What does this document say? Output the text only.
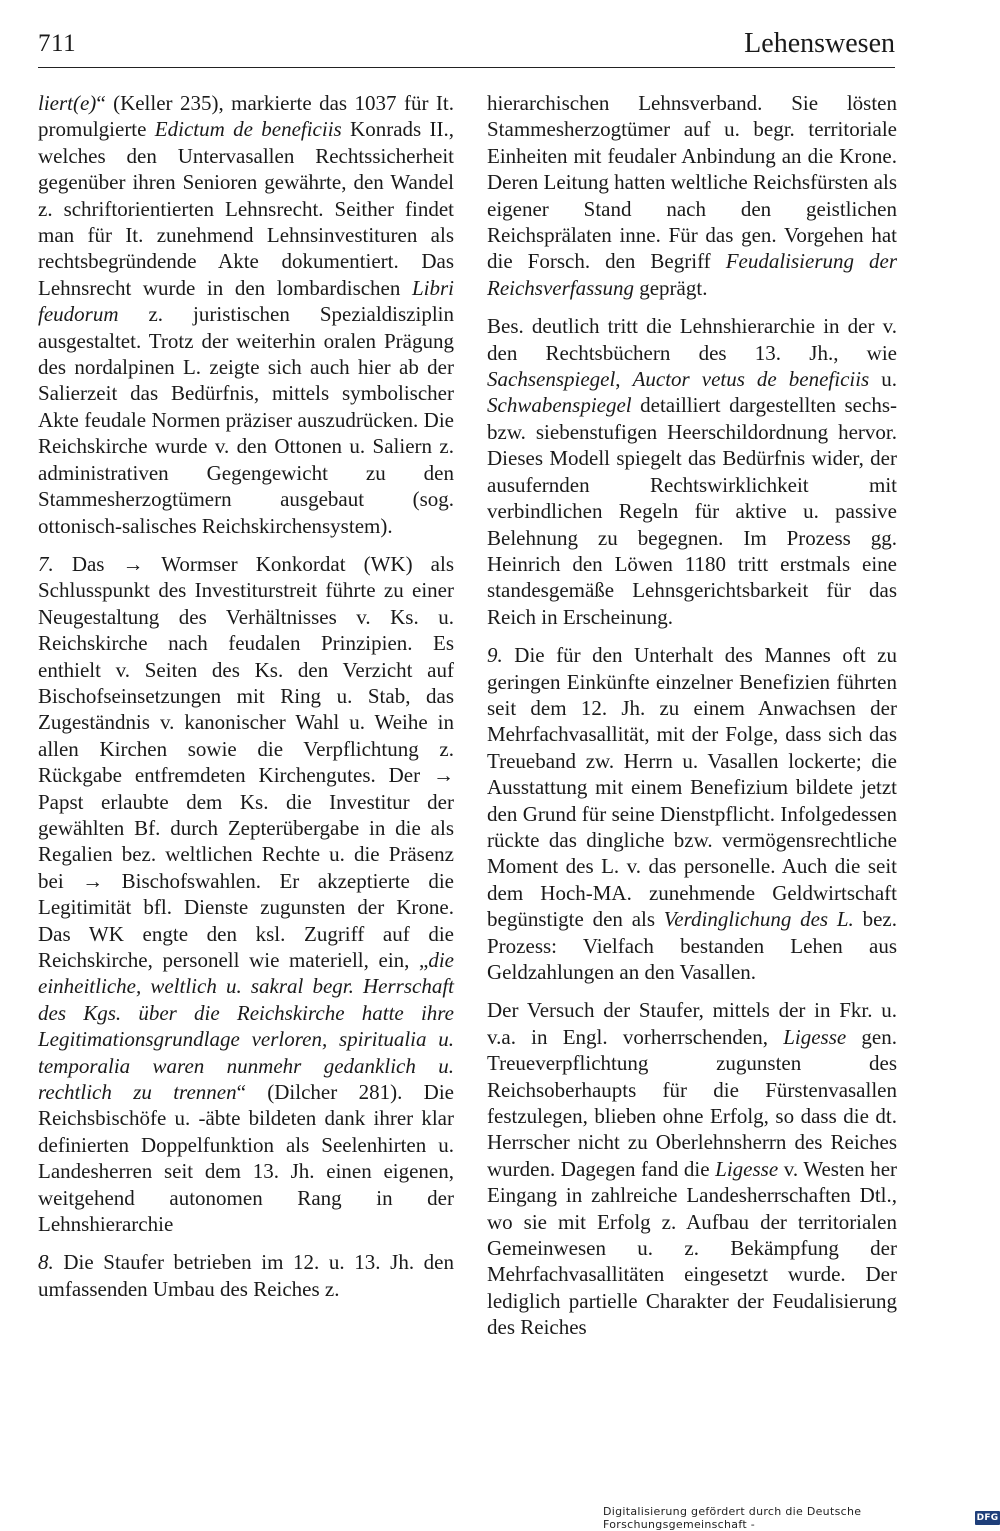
711	Lehenswesen

liert(e)“ (Keller 235), markierte das 1037 für It. promulgierte Edictum de beneficiis Konrads II., welches den Untervasallen Rechtssicherheit gegenüber ihren Senioren gewährte, den Wandel z. schriftorientierten Lehnsrecht. Seither findet man für It. zunehmend Lehnsinvestituren als rechtsbegründende Akte dokumentiert. Das Lehnsrecht wurde in den lombardischen Libri feudorum z. juristischen Spezialdisziplin ausgestaltet. Trotz der weiterhin oralen Prägung des nordalpinen L. zeigte sich auch hier ab der Salierzeit das Bedürfnis, mittels symbolischer Akte feudale Normen präziser auszudrücken. Die Reichskirche wurde v. den Ottonen u. Saliern z. administrativen Gegengewicht zu den Stammesherzogtümern ausgebaut (sog. ottonisch-salisches Reichskirchensystem).

7. Das → Wormser Konkordat (WK) als Schlusspunkt des Investiturstreit führte zu einer Neugestaltung des Verhältnisses v. Ks. u. Reichskirche nach feudalen Prinzipien. Es enthielt v. Seiten des Ks. den Verzicht auf Bischofseinsetzungen mit Ring u. Stab, das Zugeständnis v. kanonischer Wahl u. Weihe in allen Kirchen sowie die Verpflichtung z. Rückgabe entfremdeten Kirchengutes. Der → Papst erlaubte dem Ks. die Investitur der gewählten Bf. durch Zepterübergabe in die als Regalien bez. weltlichen Rechte u. die Präsenz bei → Bischofswahlen. Er akzeptierte die Legitimität bfl. Dienste zugunsten der Krone. Das WK engte den ksl. Zugriff auf die Reichskirche, personell wie materiell, ein, „die einheitliche, weltlich u. sakral begr. Herrschaft des Kgs. über die Reichskirche hatte ihre Legitimationsgrundlage verloren, spiritualia u. temporalia waren nunmehr gedanklich u. rechtlich zu trennen“ (Dilcher 281). Die Reichsbischöfe u. -äbte bildeten dank ihrer klar definierten Doppelfunktion als Seelenhirten u. Landesherren seit dem 13. Jh. einen eigenen, weitgehend autonomen Rang in der Lehnshierarchie

8. Die Staufer betrieben im 12. u. 13. Jh. den umfassenden Umbau des Reiches z.

hierarchischen Lehnsverband. Sie lösten Stammesherzogtümer auf u. begr. territoriale Einheiten mit feudaler Anbindung an die Krone. Deren Leitung hatten weltliche Reichsfürsten als eigener Stand nach den geistlichen Reichsprälaten inne. Für das gen. Vorgehen hat die Forsch. den Begriff Feudalisierung der Reichsverfassung geprägt.

Bes. deutlich tritt die Lehnshierarchie in der v. den Rechtsbüchern des 13. Jh., wie Sachsenspiegel, Auctor vetus de beneficiis u. Schwabenspiegel detailliert dargestellten sechs- bzw. siebenstufigen Heerschildordnung hervor. Dieses Modell spiegelt das Bedürfnis wider, der ausufernden Rechtswirklichkeit mit verbindlichen Regeln für aktive u. passive Belehnung zu begegnen. Im Prozess gg. Heinrich den Löwen 1180 tritt erstmals eine standesgemäße Lehnsgerichtsbarkeit für das Reich in Erscheinung.

9. Die für den Unterhalt des Mannes oft zu geringen Einkünfte einzelner Benefizien führten seit dem 12. Jh. zu einem Anwachsen der Mehrfachvasallität, mit der Folge, dass sich das Treueband zw. Herrn u. Vasallen lockerte; die Ausstattung mit einem Benefizium bildete jetzt den Grund für seine Dienstpflicht. Infolgedessen rückte das dingliche bzw. vermögensrechtliche Moment des L. v. das personelle. Auch die seit dem Hoch-MA. zunehmende Geldwirtschaft begünstigte den als Verdinglichung des L. bez. Prozess: Vielfach bestanden Lehen aus Geldzahlungen an den Vasallen.

Der Versuch der Staufer, mittels der in Fkr. u. v.a. in Engl. vorherrschenden, Ligesse gen. Treueverpflichtung zugunsten des Reichsoberhaupts für die Fürstenvasallen festzulegen, blieben ohne Erfolg, so dass die dt. Herrscher nicht zu Oberlehnsherrn des Reiches wurden. Dagegen fand die Ligesse v. Westen her Eingang in zahlreiche Landesherrschaften Dtl., wo sie mit Erfolg z. Aufbau der territorialen Gemeinwesen u. z. Bekämpfung der Mehrfachvasallitäten eingesetzt wurde. Der lediglich partielle Charakter der Feudalisierung des Reiches

Digitalisierung gefördert durch die Deutsche Forschungsgemeinschaft -	DFG
